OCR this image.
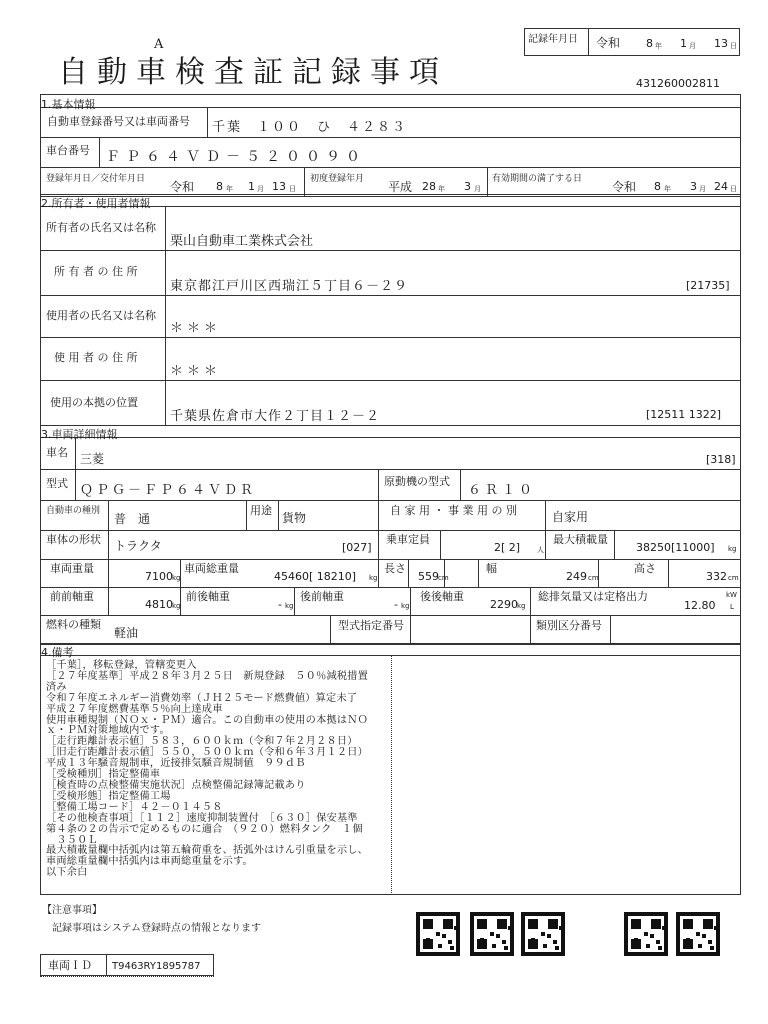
A
自動車検査証記録事項
記録年月日 令和 8 年 1 月 13 日
431260002811
1.基本情報
自動車登録番号又は車両番号 千葉　１００　ひ　４２８３
車台番号 ＦＰ６４ＶＤ－５２００９０
登録年月日／交付年月日
令和 8 年 1 月 13 日
初度登録年月
平成 28 年 3 月
有効期間の満了する日
令和 8 年 3 月 24 日
2.所有者・使用者情報
所有者の氏名又は名称
栗山自動車工業株式会社
所 有 者 の 住 所
東京都江戸川区西瑞江５丁目６－２９	[21735]
使用者の氏名又は名称
＊＊＊
使 用 者 の 住 所
＊＊＊
使用の本拠の位置
千葉県佐倉市大作２丁目１２－２	[12511 1322]
3.車両詳細情報
車名 三菱	[318]
型式 ＱＰＧ－ＦＰ６４ＶＤＲ
原動機の型式
６Ｒ１０
自動車の種別
普　通
用途
貨物
自 家 用 ・ 事 業 用 の 別	自家用
車体の形状 トラクタ	[027]
乗車定員
2[ 2] 人
最大積載量
38250[11000] kg
車両重量
7100 kg
車両総重量
45460[ 18210] kg
長さ
559 cm
幅
249 cm
高さ
332 cm
前前軸重
4810 kg
前後軸重
- kg
後前軸重
- kg
後後軸重
2290 kg
総排気量又は定格出力
12.80
kW
L
燃料の種類
軽油
型式指定番号	類別区分番号
4.備考
［千葉］，移転登録，管轄変更入
［２７年度基準］平成２８年３月２５日　新規登録　５０％減税措置
済み
令和７年度エネルギー消費効率（ＪＨ２５モード燃費値）算定未了
平成２７年度燃費基準５％向上達成車
使用車種規制（ＮＯｘ・ＰＭ）適合。この自動車の使用の本拠はＮＯ
ｘ・ＰＭ対策地域内です。
［走行距離計表示値］５８３，６００ｋｍ（令和７年２月２８日）
［旧走行距離計表示値］５５０，５００ｋｍ（令和６年３月１２日）
平成１３年騒音規制車，近接排気騒音規制値　９９ｄＢ
［受検種別］指定整備車
［検査時の点検整備実施状況］点検整備記録簿記載あり
［受検形態］指定整備工場
［整備工場コード］４２－０１４５８
［その他検査事項］［１１２］速度抑制装置付　［６３０］保安基準
第４条の２の告示で定めるものに適合　（９２０）燃料タンク　１個
　３５０Ｌ
最大積載量欄中括弧内は第五輪荷重を、括弧外はけん引重量を示し、
車両総重量欄中括弧内は車両総重量を示す。
以下余白
【注意事項】
記録事項はシステム登録時点の情報となります
車両ＩＤ T9463RY1895787
